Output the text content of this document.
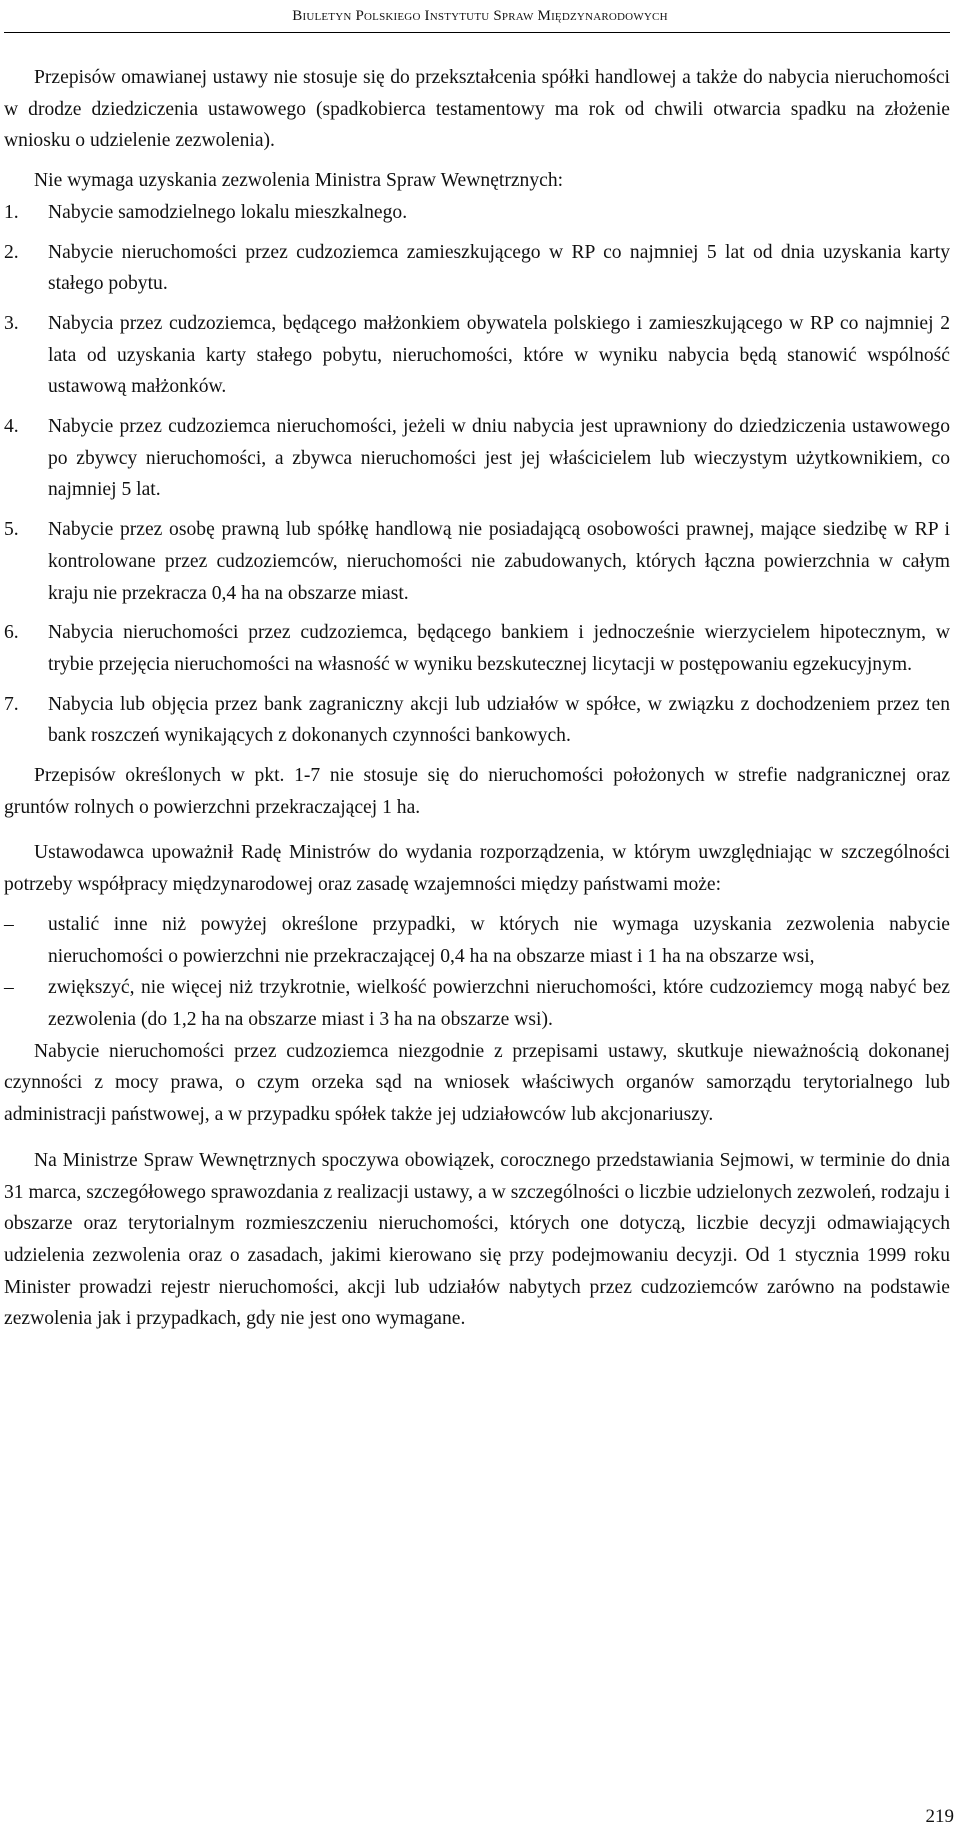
Biuletyn Polskiego Instytutu Spraw Międzynarodowych

Przepisów omawianej ustawy nie stosuje się do przekształcenia spółki handlowej a także do nabycia nieruchomości w drodze dziedziczenia ustawowego (spadkobierca testamentowy ma rok od chwili otwarcia spadku na złożenie wniosku o udzielenie zezwolenia).

Nie wymaga uzyskania zezwolenia Ministra Spraw Wewnętrznych:

1. Nabycie samodzielnego lokalu mieszkalnego.
2. Nabycie nieruchomości przez cudzoziemca zamieszkującego w RP co najmniej 5 lat od dnia uzyskania karty stałego pobytu.
3. Nabycia przez cudzoziemca, będącego małżonkiem obywatela polskiego i zamieszkującego w RP co najmniej 2 lata od uzyskania karty stałego pobytu, nieruchomości, które w wyniku nabycia będą stanowić wspólność ustawową małżonków.
4. Nabycie przez cudzoziemca nieruchomości, jeżeli w dniu nabycia jest uprawniony do dziedziczenia ustawowego po zbywcy nieruchomości, a zbywca nieruchomości jest jej właścicielem lub wieczystym użytkownikiem, co najmniej 5 lat.
5. Nabycie przez osobę prawną lub spółkę handlową nie posiadającą osobowości prawnej, mające siedzibę w RP i kontrolowane przez cudzoziemców, nieruchomości nie zabudowanych, których łączna powierzchnia w całym kraju nie przekracza 0,4 ha na obszarze miast.
6. Nabycia nieruchomości przez cudzoziemca, będącego bankiem i jednocześnie wierzycielem hipotecznym, w trybie przejęcia nieruchomości na własność w wyniku bezskutecznej licytacji w postępowaniu egzekucyjnym.
7. Nabycia lub objęcia przez bank zagraniczny akcji lub udziałów w spółce, w związku z dochodzeniem przez ten bank roszczeń wynikających z dokonanych czynności bankowych.

Przepisów określonych w pkt. 1-7 nie stosuje się do nieruchomości położonych w strefie nadgranicznej oraz gruntów rolnych o powierzchni przekraczającej 1 ha.

Ustawodawca upoważnił Radę Ministrów do wydania rozporządzenia, w którym uwzględniając w szczególności potrzeby współpracy międzynarodowej oraz zasadę wzajemności między państwami może:

– ustalić inne niż powyżej określone przypadki, w których nie wymaga uzyskania zezwolenia nabycie nieruchomości o powierzchni nie przekraczającej 0,4 ha na obszarze miast i 1 ha na obszarze wsi,
– zwiększyć, nie więcej niż trzykrotnie, wielkość powierzchni nieruchomości, które cudzoziemcy mogą nabyć bez zezwolenia (do 1,2 ha na obszarze miast i 3 ha na obszarze wsi).

Nabycie nieruchomości przez cudzoziemca niezgodnie z przepisami ustawy, skutkuje nieważnością dokonanej czynności z mocy prawa, o czym orzeka sąd na wniosek właściwych organów samorządu terytorialnego lub administracji państwowej, a w przypadku spółek także jej udziałowców lub akcjonariuszy.

Na Ministrze Spraw Wewnętrznych spoczywa obowiązek, corocznego przedstawiania Sejmowi, w terminie do dnia 31 marca, szczegółowego sprawozdania z realizacji ustawy, a w szczególności o liczbie udzielonych zezwoleń, rodzaju i obszarze oraz terytorialnym rozmieszczeniu nieruchomości, których one dotyczą, liczbie decyzji odmawiających udzielenia zezwolenia oraz o zasadach, jakimi kierowano się przy podejmowaniu decyzji. Od 1 stycznia 1999 roku Minister prowadzi rejestr nieruchomości, akcji lub udziałów nabytych przez cudzoziemców zarówno na podstawie zezwolenia jak i przypadkach, gdy nie jest ono wymagane.

219
